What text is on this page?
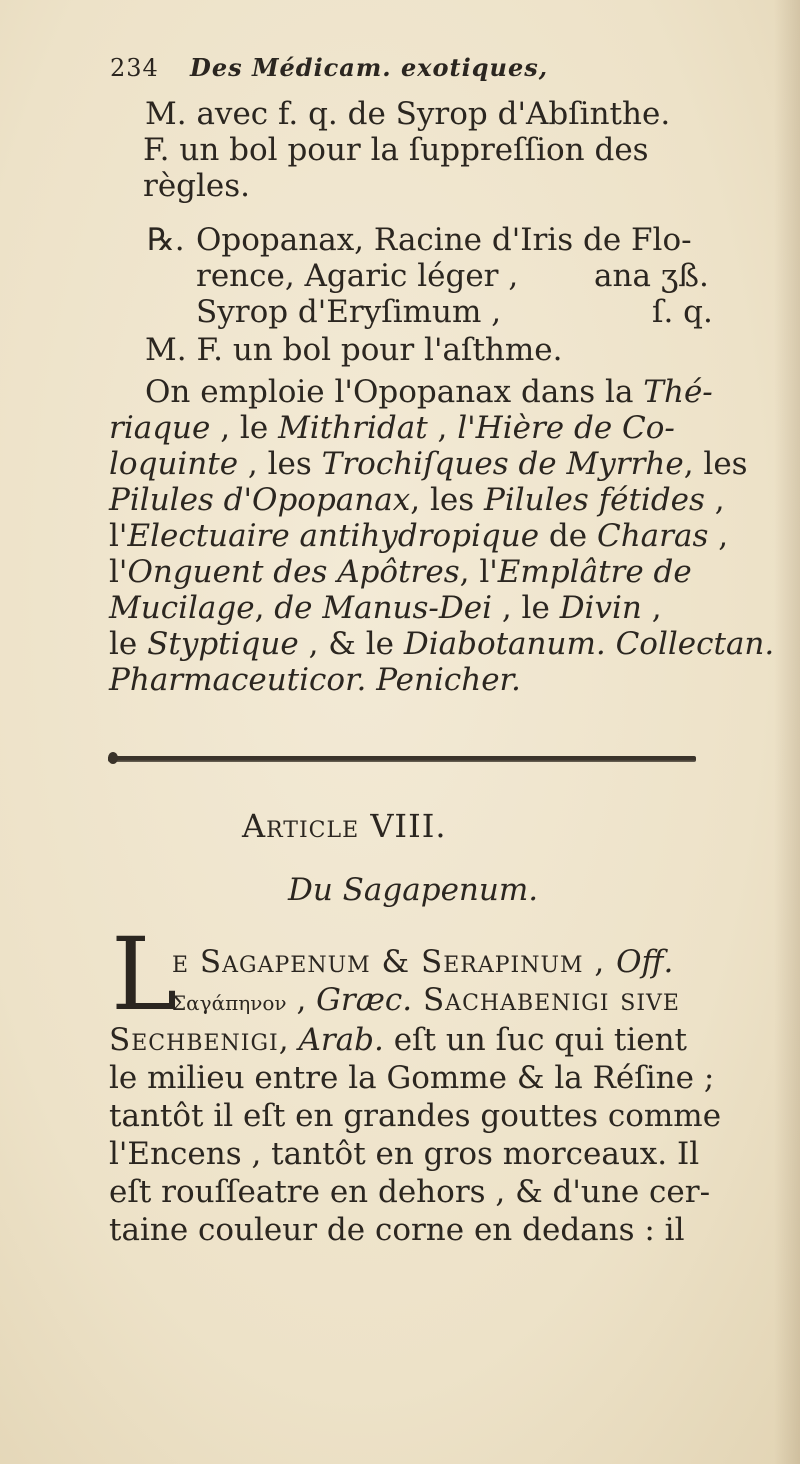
234 Des Médicam. exotiques,
M. avec f. q. de Syrop d'Abſinthe.
F. un bol pour la ſuppreſſion des
règles.
℞. Opopanax, Racine d'Iris de Flo-
rence, Agaric léger , ana ʒß.
Syrop d'Eryſimum ,	ſ. q.
M. F. un bol pour l'aſthme.
On emploie l'Opopanax dans la Thé-
riaque , le Mithridat , l'Hière de Co-
loquinte , les Trochiſques de Myrrhe, les
Pilules d'Opopanax, les Pilules fétides ,
l'Electuaire antihydropique de Charas ,
l'Onguent des Apôtres, l'Emplâtre de
Mucilage, de Manus-Dei , le Divin ,
le Styptique , & le Diabotanum. Collectan.
Pharmaceuticor. Penicher.
Article VIII.
Du Sagapenum.
L
e Sagapenum & Serapinum , Off.
Σαγάπηνον , Græc. Sachabenigi ſive
Sechbenigi, Arab. eſt un ſuc qui tient
le milieu entre la Gomme & la Réſine ;
tantôt il eſt en grandes gouttes comme
l'Encens , tantôt en gros morceaux. Il
eſt rouſſeatre en dehors , & d'une cer-
taine couleur de corne en dedans : il
